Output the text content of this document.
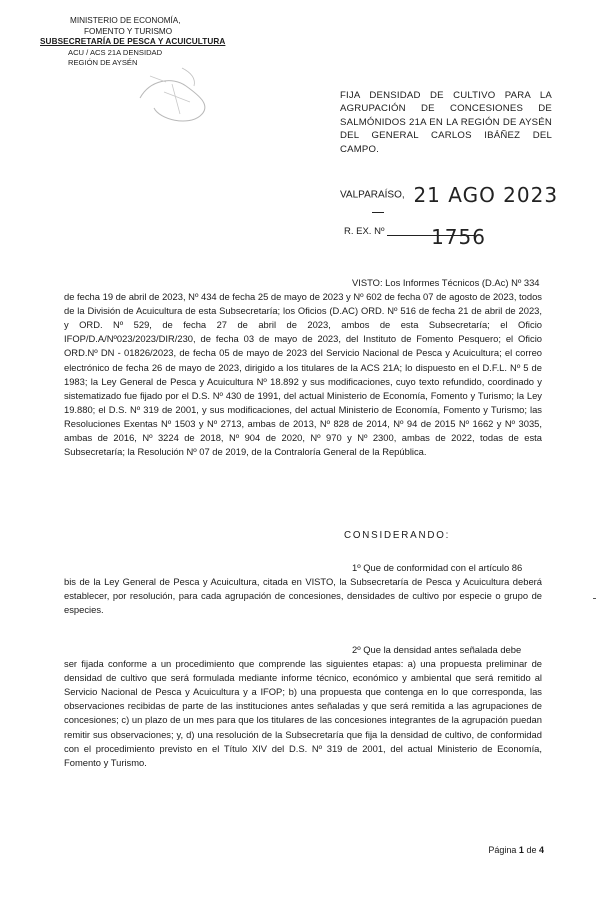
MINISTERIO DE ECONOMÍA,
FOMENTO Y TURISMO
SUBSECRETARÍA DE PESCA Y ACUICULTURA
ACU / ACS 21A DENSIDAD
REGIÓN DE AYSÉN
FIJA DENSIDAD DE CULTIVO PARA LA
AGRUPACIÓN DE CONCESIONES DE
SALMÓNIDOS 21A EN LA REGIÓN DE AYSÉN
DEL GENERAL CARLOS IBÁÑEZ DEL CAMPO.
VALPARAÍSO, 21 AGO 2023
R. EX. Nº 1756
VISTO: Los Informes Técnicos (D.Ac) Nº 334
de fecha 19 de abril de 2023, Nº 434 de fecha 25 de mayo de 2023 y Nº 602 de fecha 07 de agosto de 2023, todos de la División de Acuicultura de esta Subsecretaría; los Oficios (D.AC) ORD. Nº 516 de fecha 21 de abril de 2023, y ORD. Nº 529, de fecha 27 de abril de 2023, ambos de esta Subsecretaría; el Oficio IFOP/D.A/Nº023/2023/DIR/230, de fecha 03 de mayo de 2023, del Instituto de Fomento Pesquero; el Oficio ORD.Nº DN - 01826/2023, de fecha 05 de mayo de 2023 del Servicio Nacional de Pesca y Acuicultura; el correo electrónico de fecha 26 de mayo de 2023, dirigido a los titulares de la ACS 21A; lo dispuesto en el D.F.L. Nº 5 de 1983; la Ley General de Pesca y Acuicultura Nº 18.892 y sus modificaciones, cuyo texto refundido, coordinado y sistematizado fue fijado por el D.S. Nº 430 de 1991, del actual Ministerio de Economía, Fomento y Turismo; la Ley 19.880; el D.S. Nº 319 de 2001, y sus modificaciones, del actual Ministerio de Economía, Fomento y Turismo; las Resoluciones Exentas Nº 1503 y Nº 2713, ambas de 2013, Nº 828 de 2014, Nº 94 de 2015 Nº 1662 y Nº 3035, ambas de 2016, Nº 3224 de 2018, Nº 904 de 2020, Nº 970 y Nº 2300, ambas de 2022, todas de esta Subsecretaría; la Resolución Nº 07 de 2019, de la Contraloría General de la República.
CONSIDERANDO:
1º Que de conformidad con el artículo 86
bis de la Ley General de Pesca y Acuicultura, citada en VISTO, la Subsecretaría de Pesca y Acuicultura deberá establecer, por resolución, para cada agrupación de concesiones, densidades de cultivo por especie o grupo de especies.
2º Que la densidad antes señalada debe
ser fijada conforme a un procedimiento que comprende las siguientes etapas: a) una propuesta preliminar de densidad de cultivo que será formulada mediante informe técnico, económico y ambiental que será remitido al Servicio Nacional de Pesca y Acuicultura y a IFOP; b) una propuesta que contenga en lo que corresponda, las observaciones recibidas de parte de las instituciones antes señaladas y que será remitida a las agrupaciones de concesiones; c) un plazo de un mes para que los titulares de las concesiones integrantes de la agrupación puedan remitir sus observaciones; y, d) una resolución de la Subsecretaría que fija la densidad de cultivo, de conformidad con el procedimiento previsto en el Título XIV del D.S. Nº 319 de 2001, del actual Ministerio de Economía, Fomento y Turismo.
Página 1 de 4
